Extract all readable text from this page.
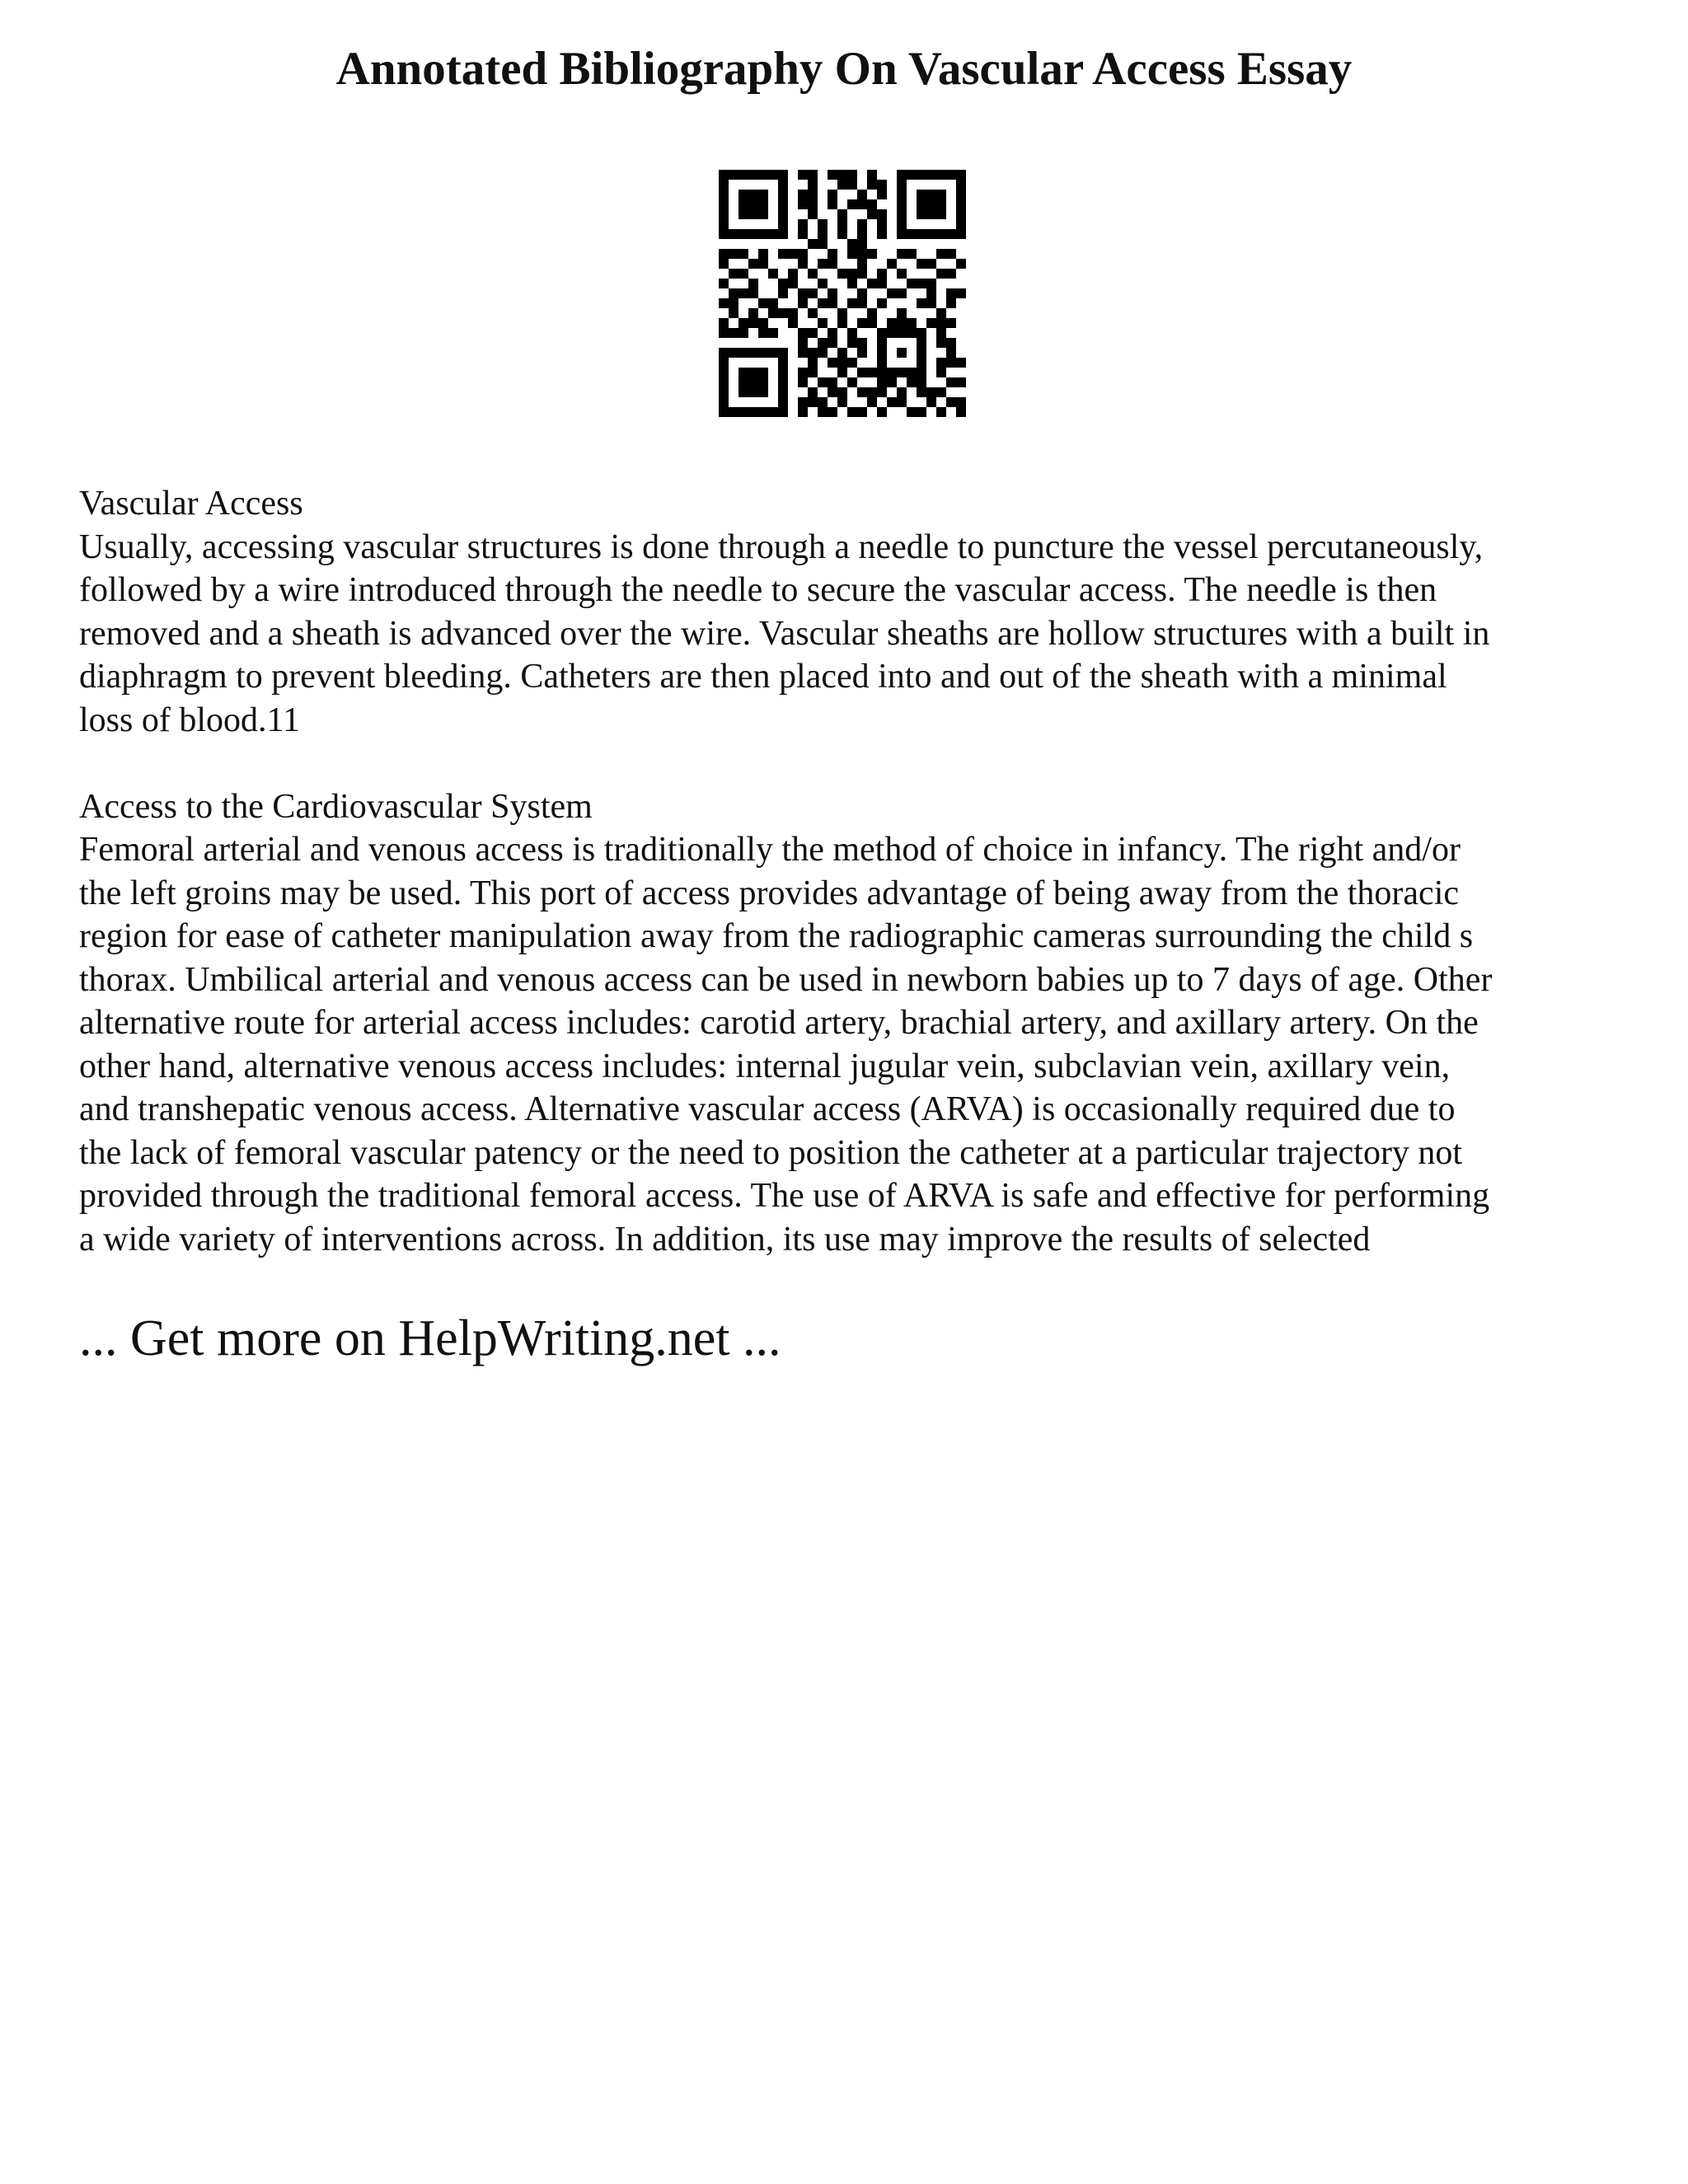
Annotated Bibliography On Vascular Access Essay

Vascular Access

Usually, accessing vascular structures is done through a needle to puncture the vessel percutaneously,
followed by a wire introduced through the needle to secure the vascular access. The needle is then
removed and a sheath is advanced over the wire. Vascular sheaths are hollow structures with a built in
diaphragm to prevent bleeding. Catheters are then placed into and out of the sheath with a minimal
loss of blood.11

Access to the Cardiovascular System

Femoral arterial and venous access is traditionally the method of choice in infancy. The right and/or
the left groins may be used. This port of access provides advantage of being away from the thoracic
region for ease of catheter manipulation away from the radiographic cameras surrounding the child s
thorax. Umbilical arterial and venous access can be used in newborn babies up to 7 days of age. Other
alternative route for arterial access includes: carotid artery, brachial artery, and axillary artery. On the
other hand, alternative venous access includes: internal jugular vein, subclavian vein, axillary vein,
and transhepatic venous access. Alternative vascular access (ARVA) is occasionally required due to
the lack of femoral vascular patency or the need to position the catheter at a particular trajectory not
provided through the traditional femoral access. The use of ARVA is safe and effective for performing
a wide variety of interventions across. In addition, its use may improve the results of selected

... Get more on HelpWriting.net ...
